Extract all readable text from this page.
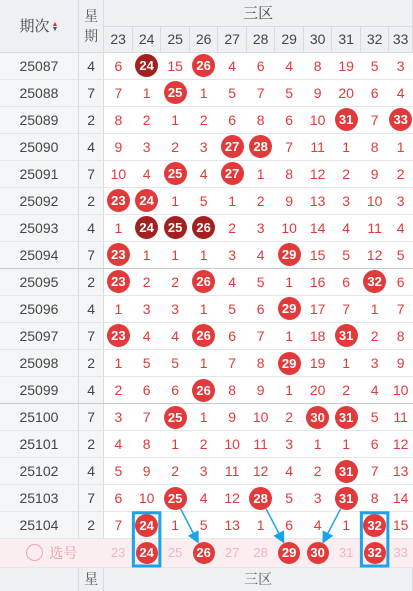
期次 ▲
▼	星期	三区										
		23	24	25	26	27	28	29	30	31	32	33
25087	4	6	24	15	26	4	6	4	8	19	5	3
25088	7	7	1	25	1	5	7	5	9	20	6	4
25089	2	8	2	1	2	6	8	6	10	31	7	33
25090	4	9	3	2	3	27	28	7	11	1	8	1
25091	7	10	4	25	4	27	1	8	12	2	9	2
25092	2	23	24	1	5	1	2	9	13	3	10	3
25093	4	1	24	25	26	2	3	10	14	4	11	4
25094	7	23	1	1	1	3	4	29	15	5	12	5
25095	2	23	2	2	26	4	5	1	16	6	32	6
25096	4	1	3	3	1	5	6	29	17	7	1	7
25097	7	23	4	4	26	6	7	1	18	31	2	8
25098	2	1	5	5	1	7	8	29	19	1	3	9
25099	4	2	6	6	26	8	9	1	20	2	4	10
25100	7	3	7	25	1	9	10	2	30	31	5	11
25101	2	4	8	1	2	10	11	3	1	1	6	12
25102	4	5	9	2	3	11	12	4	2	31	7	13
25103	7	6	10	25	4	12	28	5	3	31	8	14
25104	2	7	24	1	5	13	1	6	4	1	32	15
选号		23	24	25	26	27	28	29	30	31	32	33
	星	三区										
